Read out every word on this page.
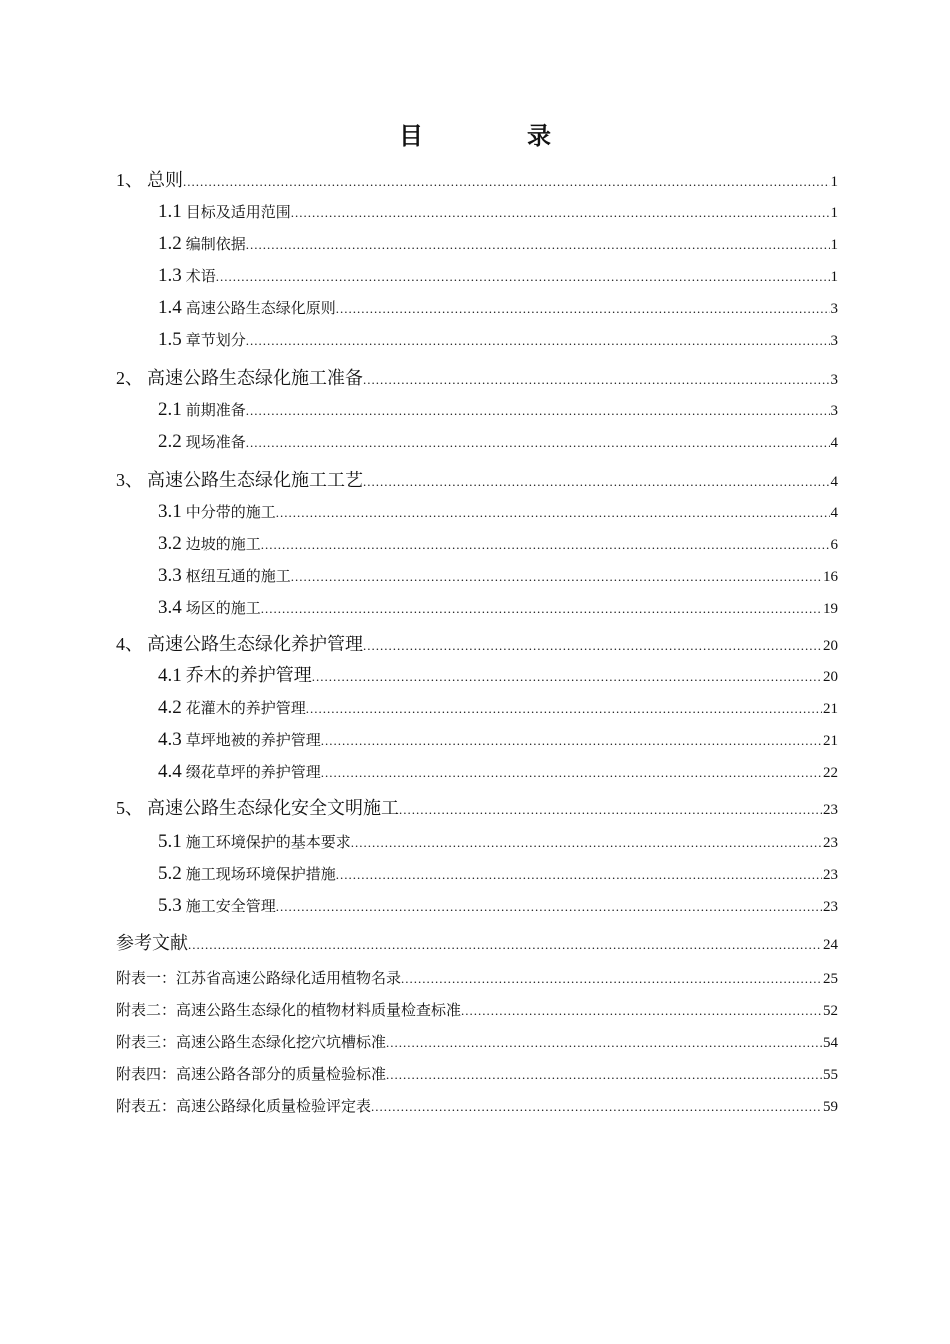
目　录
1、 总则 .....	1
1.1 目标及适用范围 .....	1
1.2 编制依据 .....	1
1.3 术语 .....	1
1.4 高速公路生态绿化原则 .....	3
1.5 章节划分 .....	3
2、 高速公路生态绿化施工准备 .....	3
2.1 前期准备 .....	3
2.2 现场准备 .....	4
3、 高速公路生态绿化施工工艺 .....	4
3.1 中分带的施工 .....	4
3.2 边坡的施工 .....	6
3.3 枢纽互通的施工 .....	16
3.4 场区的施工 .....	19
4、 高速公路生态绿化养护管理 .....	20
4.1 乔木的养护管理 .....	20
4.2 花灌木的养护管理 .....	21
4.3 草坪地被的养护管理 .....	21
4.4 缀花草坪的养护管理 .....	22
5、 高速公路生态绿化安全文明施工 .....	23
5.1 施工环境保护的基本要求 .....	23
5.2 施工现场环境保护措施 .....	23
5.3 施工安全管理 .....	23
参考文献 .....	24
附表一：江苏省高速公路绿化适用植物名录 .....	25
附表二：高速公路生态绿化的植物材料质量检查标准 .....	52
附表三：高速公路生态绿化挖穴坑槽标准 .....	54
附表四：高速公路各部分的质量检验标准 .....	55
附表五：高速公路绿化质量检验评定表 .....	59
